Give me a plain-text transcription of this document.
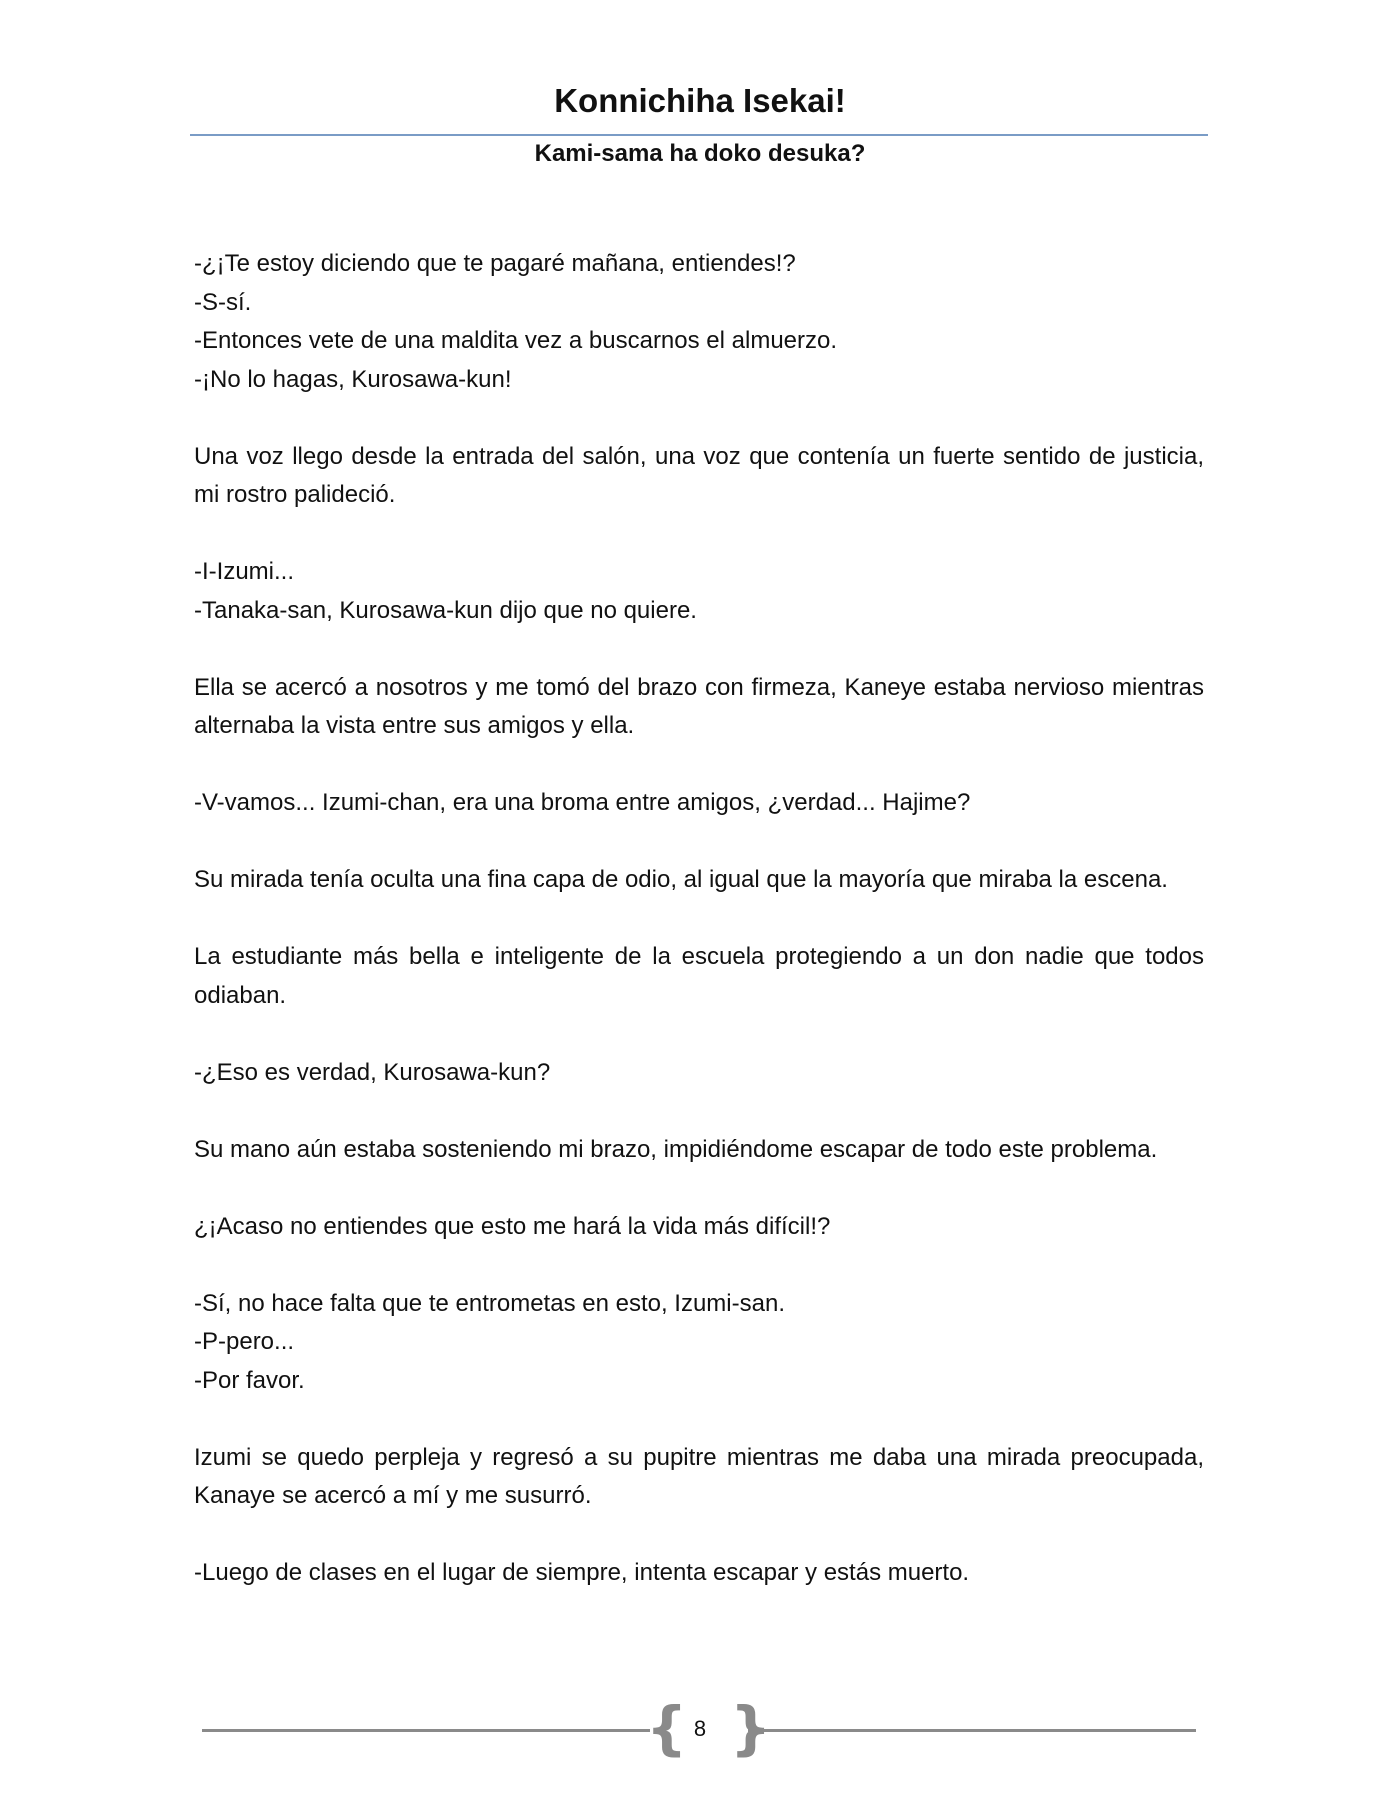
Konnichiha Isekai!
Kami-sama ha doko desuka?
-¿¡Te estoy diciendo que te pagaré mañana, entiendes!?
-S-sí.
-Entonces vete de una maldita vez a buscarnos el almuerzo.
-¡No lo hagas, Kurosawa-kun!
Una voz llego desde la entrada del salón, una voz que contenía un fuerte sentido de justicia, mi rostro palideció.
-I-Izumi...
-Tanaka-san, Kurosawa-kun dijo que no quiere.
Ella se acercó a nosotros y me tomó del brazo con firmeza, Kaneye estaba nervioso mientras alternaba la vista entre sus amigos y ella.
-V-vamos... Izumi-chan, era una broma entre amigos, ¿verdad... Hajime?
Su mirada tenía oculta una fina capa de odio, al igual que la mayoría que miraba la escena.
La estudiante más bella e inteligente de la escuela protegiendo a un don nadie que todos odiaban.
-¿Eso es verdad, Kurosawa-kun?
Su mano aún estaba sosteniendo mi brazo, impidiéndome escapar de todo este problema.
¿¡Acaso no entiendes que esto me hará la vida más difícil!?
-Sí, no hace falta que te entrometas en esto, Izumi-san.
-P-pero...
-Por favor.
Izumi se quedo perpleja y regresó a su pupitre mientras me daba una mirada preocupada, Kanaye se acercó a mí y me susurró.
-Luego de clases en el lugar de siempre, intenta escapar y estás muerto.
{ 8 }
